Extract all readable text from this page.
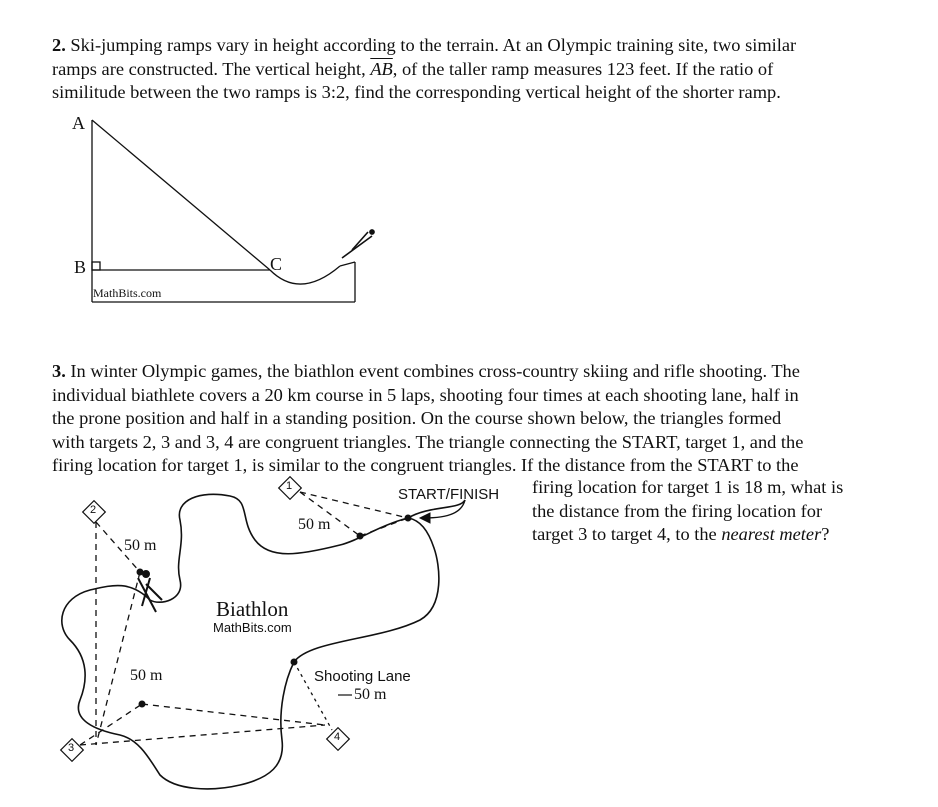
2. Ski-jumping ramps vary in height according to the terrain. At an Olympic training site, two similar
ramps are constructed. The vertical height, $\overline{AB}$, of the taller ramp measures 123 feet. If the ratio of
similitude between the two ramps is 3:2, find the corresponding vertical height of the shorter ramp.
A
B	C
MathBits.com
3. In winter Olympic games, the biathlon event combines cross-country skiing and rifle shooting. The
individual biathlete covers a 20 km course in 5 laps, shooting four times at each shooting lane, half in
the prone position and half in a standing position. On the course shown below, the triangles formed
with targets 2, 3 and 3, 4 are congruent triangles. The triangle connecting the START, target 1, and the
firing location for target 1, is similar to the congruent triangles. If the distance from the START to the
firing location for target 1 is 18 m, what is
the distance from the firing location for
target 3 to target 4, to the nearest meter?
START/FINISH
1
2
3
4
50 m
50 m
50 m
Biathlon
MathBits.com
Shooting Lane
50 m
